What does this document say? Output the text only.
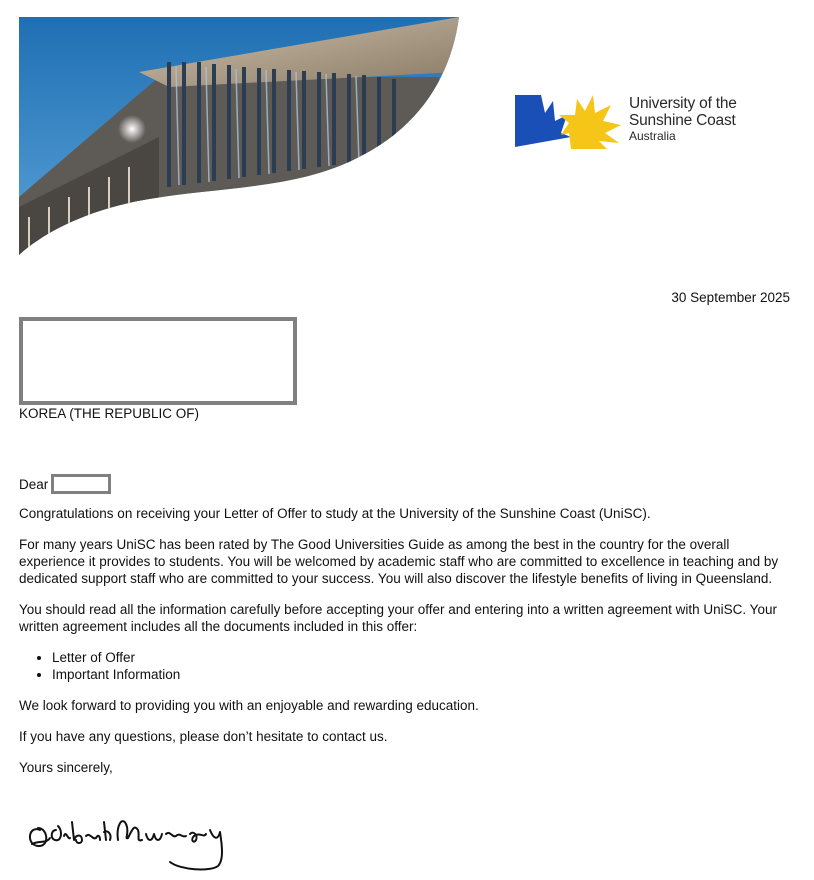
University of the
Sunshine Coast
Australia
30 September 2025
KOREA (THE REPUBLIC OF)
Dear

Congratulations on receiving your Letter of Offer to study at the University of the Sunshine Coast (UniSC).

For many years UniSC has been rated by The Good Universities Guide as among the best in the country for the overall experience it provides to students. You will be welcomed by academic staff who are committed to excellence in teaching and by dedicated support staff who are committed to your success. You will also discover the lifestyle benefits of living in Queensland.

You should read all the information carefully before accepting your offer and entering into a written agreement with UniSC. Your written agreement includes all the documents included in this offer:

• Letter of Offer
• Important Information

We look forward to providing you with an enjoyable and rewarding education.

If you have any questions, please don’t hesitate to contact us.

Yours sincerely,
